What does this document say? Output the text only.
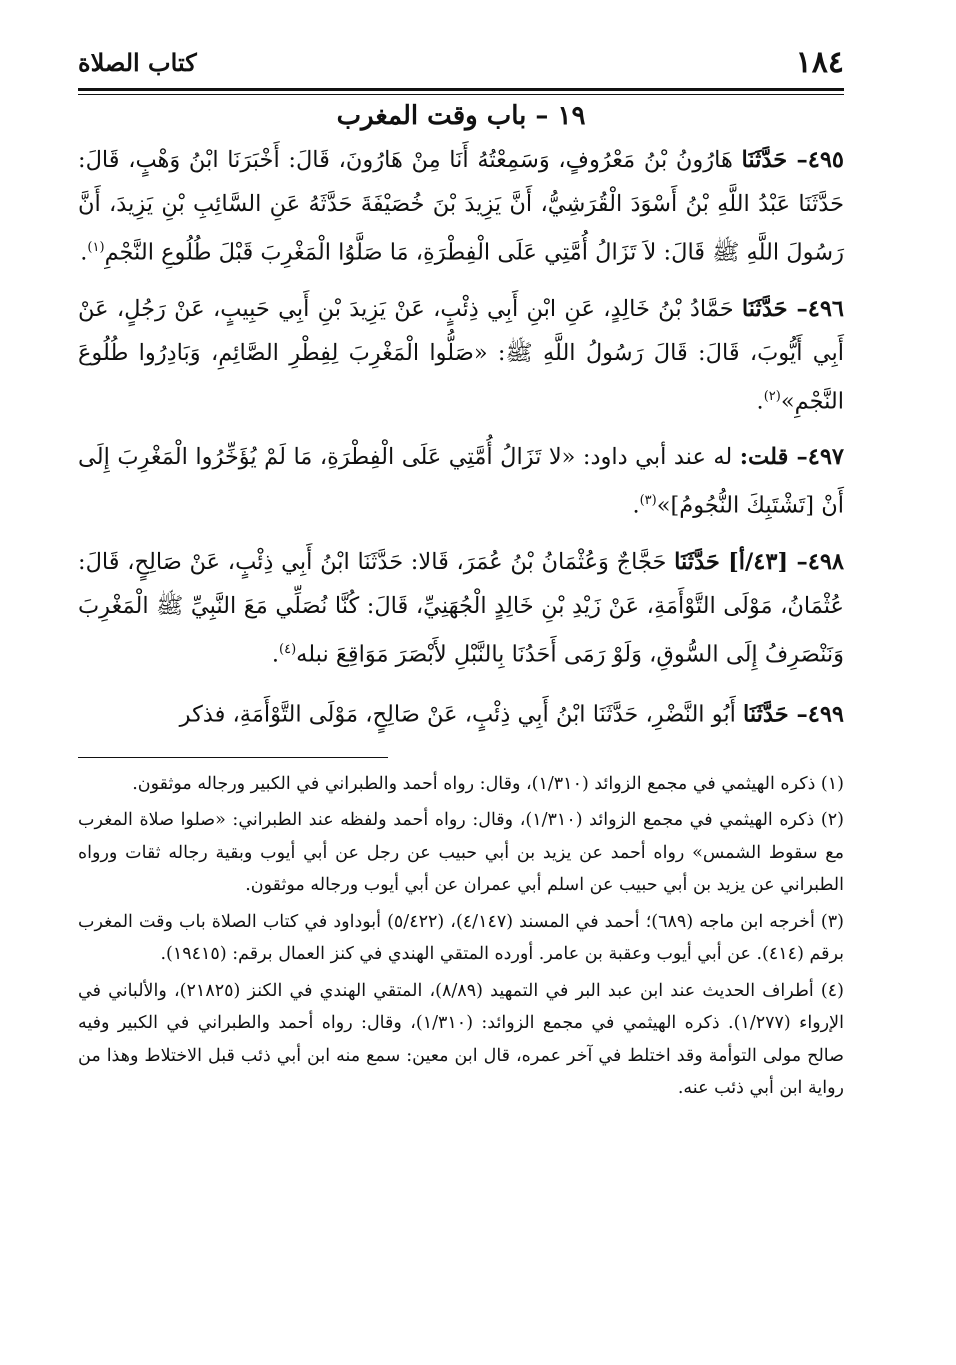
١٨٤
كتاب الصلاة
١٩ – باب وقت المغرب

٤٩٥– حَدَّثَنَا هَارُونُ بْنُ مَعْرُوفٍ، وَسَمِعْتُهُ أَنَا مِنْ هَارُونَ، قَالَ: أَخْبَرَنَا ابْنُ وَهْبٍ، قَالَ: حَدَّثَنَا عَبْدُ اللَّهِ بْنُ أَسْوَدَ الْقُرَشِيُّ، أَنَّ يَزِيدَ بْنَ خُصَيْفَةَ حَدَّثَهُ عَنِ السَّائِبِ بْنِ يَزِيدَ، أَنَّ رَسُولَ اللَّهِ ﷺ قَالَ: لاَ تَزَالُ أُمَّتِي عَلَى الْفِطْرَةِ، مَا صَلَّوُا الْمَغْرِبَ قَبْلَ طُلُوعِ النَّجْمِ$^{(١)}$.

٤٩٦– حَدَّثَنَا حَمَّادُ بْنُ خَالِدٍ، عَنِ ابْنِ أَبِي ذِئْبٍ، عَنْ يَزِيدَ بْنِ أَبِي حَبِيبٍ، عَنْ رَجُلٍ، عَنْ أَبِي أَيُّوبَ، قَالَ: قَالَ رَسُولُ اللَّهِ ﷺ: «صَلُّوا الْمَغْرِبَ لِفِطْرِ الصَّائِمِ، وَبَادِرُوا طُلُوعَ النَّجْمِ»$^{(٢)}$.

٤٩٧– قلت: له عند أبي داود: «لا تَزَالُ أُمَّتِي عَلَى الْفِطْرَةِ، مَا لَمْ يُؤَخِّرُوا الْمَغْرِبَ إِلَى أَنْ [تَشْتَبِكَ النُّجُومُ]»$^{(٣)}$.

٤٩٨– [٤٣/أ] حَدَّثَنَا حَجَّاجٌ وَعُثْمَانُ بْنُ عُمَرَ، قَالا: حَدَّثَنَا ابْنُ أَبِي ذِئْبٍ، عَنْ صَالِحٍ، قَالَ: عُثْمَانُ، مَوْلَى التَّوْأَمَةِ، عَنْ زَيْدِ بْنِ خَالِدٍ الْجُهَنِيِّ، قَالَ: كُنَّا نُصَلِّي مَعَ النَّبِيِّ ﷺ الْمَغْرِبَ وَنَنْصَرِفُ إِلَى السُّوقِ، وَلَوْ رَمَى أَحَدُنَا بِالنَّبْلِ لأَبْصَرَ مَوَاقِعَ نبله$^{(٤)}$.

٤٩٩– حَدَّثَنَا أَبُو النَّضْرِ، حَدَّثَنَا ابْنُ أَبِي ذِئْبٍ، عَنْ صَالِحٍ، مَوْلَى التَّوْأَمَةِ، فذكر

(١) ذكره الهيثمي في مجمع الزوائد (١/٣١٠)، وقال: رواه أحمد والطبراني في الكبير ورجاله موثقون.

(٢) ذكره الهيثمي في مجمع الزوائد (١/٣١٠)، وقال: رواه أحمد ولفظه عند الطبراني: «صلوا صلاة المغرب مع سقوط الشمس» رواه أحمد عن يزيد بن أبي حبيب عن رجل عن أبي أيوب وبقية رجاله ثقات ورواه الطبراني عن يزيد بن أبي حبيب عن اسلم أبي عمران عن أبي أيوب ورجاله موثقون.

(٣) أخرجه ابن ماجه (٦٨٩)؛ أحمد في المسند (٤/١٤٧)، (٥/٤٢٢) أبوداود في كتاب الصلاة باب وقت المغرب برقم (٤١٤). عن أبي أيوب وعقبة بن عامر. أورده المتقي الهندي في كنز العمال برقم: (١٩٤١٥).

(٤) أطراف الحديث عند ابن عبد البر في التمهيد (٨/٨٩)، المتقي الهندي في الكنز (٢١٨٢٥)، والألباني في الإرواء (١/٢٧٧). ذكره الهيثمي في مجمع الزوائد: (١/٣١٠)، وقال: رواه أحمد والطبراني في الكبير وفيه صالح مولى التوأمة وقد اختلط في آخر عمره، قال ابن معين: سمع منه ابن أبي ذئب قبل الاختلاط وهذا من رواية ابن أبي ذئب عنه.
